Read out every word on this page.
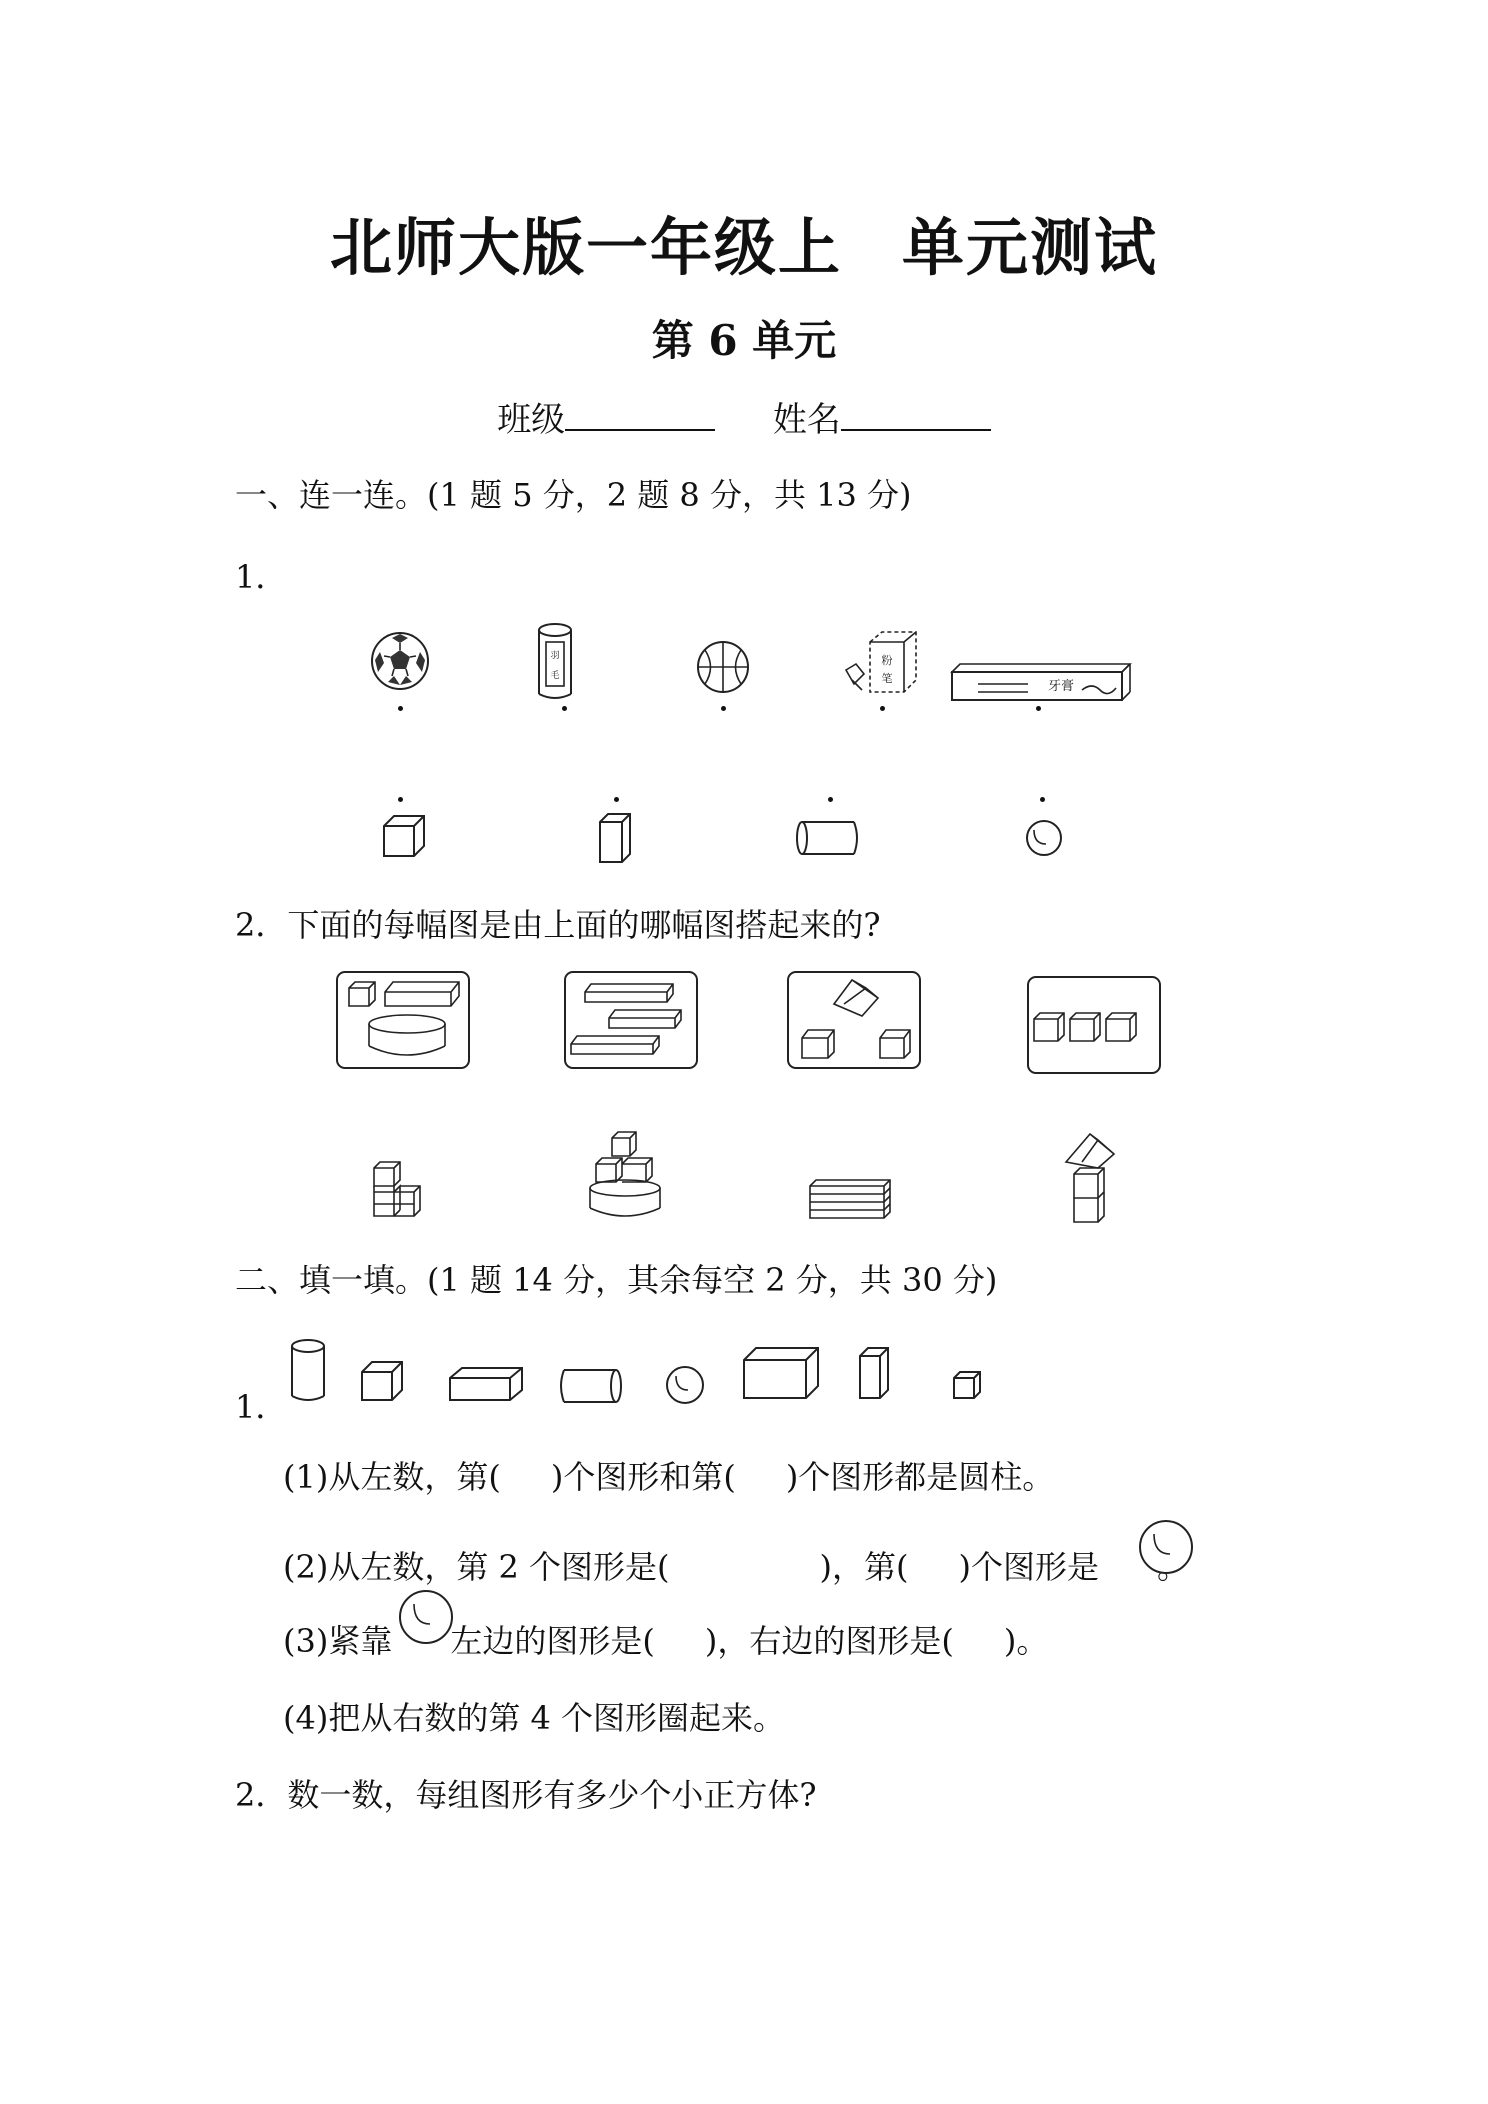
北师大版一年级上 单元测试
第 6 单元
班级	姓名
一、连一连。(1 题 5 分，2 题 8 分，共 13 分)
1．
羽
毛
粉
笔
牙膏
2．下面的每幅图是由上面的哪幅图搭起来的?
二、填一填。(1 题 14 分，其余每空 2 分，共 30 分)
1．
(1)从左数，第( )个图形和第( )个图形都是圆柱。
(2)从左数，第 2 个图形是(	)，第( )个图形是 。
(3)紧靠 左边的图形是( )，右边的图形是( )。
(4)把从右数的第 4 个图形圈起来。
2．数一数，每组图形有多少个小正方体?
